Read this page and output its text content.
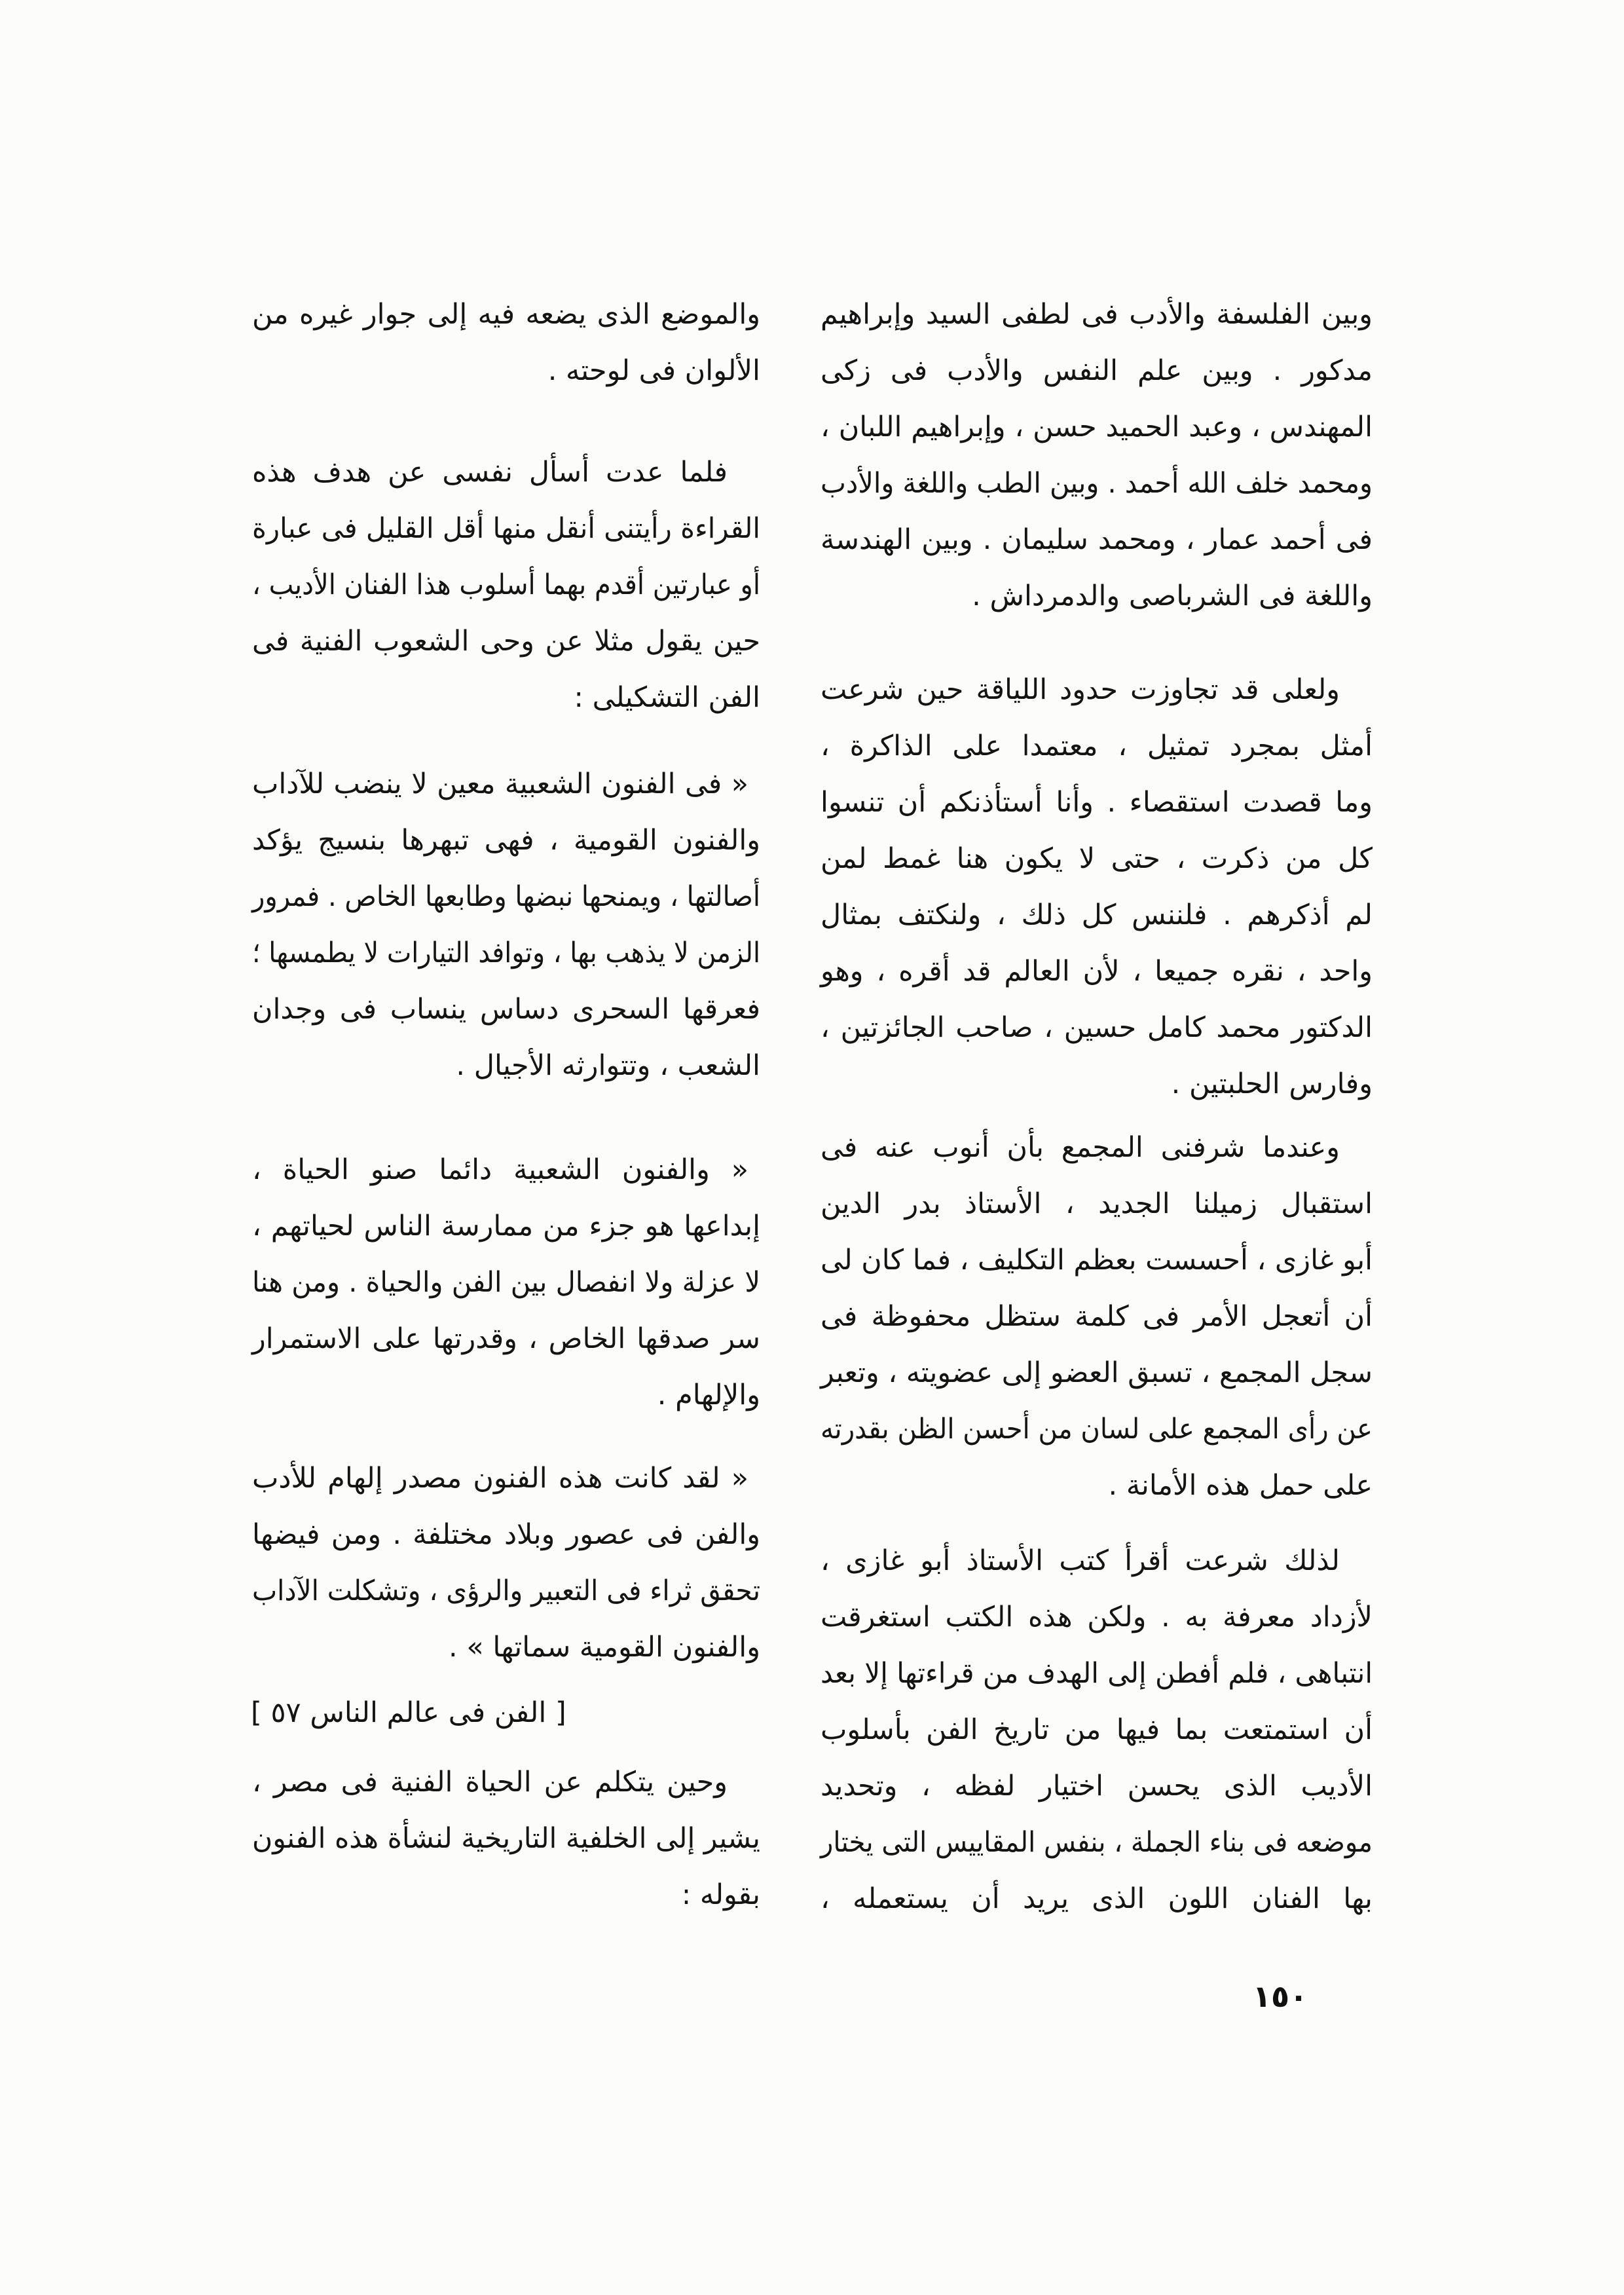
وبين الفلسفة والأدب فى لطفى السيد وإبراهيم
مدكور . وبين علم النفس والأدب فى زكى
المهندس ، وعبد الحميد حسن ، وإبراهيم اللبان ،
ومحمد خلف الله أحمد . وبين الطب واللغة والأدب
فى أحمد عمار ، ومحمد سليمان . وبين الهندسة
واللغة فى الشرباصى والدمرداش .
ولعلى قد تجاوزت حدود اللياقة حين شرعت
أمثل بمجرد تمثيل ، معتمدا على الذاكرة ،
وما قصدت استقصاء . وأنا أستأذنكم أن تنسوا
كل من ذكرت ، حتى لا يكون هنا غمط لمن
لم أذكرهم . فلننس كل ذلك ، ولنكتف بمثال
واحد ، نقره جميعا ، لأن العالم قد أقره ، وهو
الدكتور محمد كامل حسين ، صاحب الجائزتين ،
وفارس الحلبتين .
وعندما شرفنى المجمع بأن أنوب عنه فى
استقبال زميلنا الجديد ، الأستاذ بدر الدين
أبو غازى ، أحسست بعظم التكليف ، فما كان لى
أن أتعجل الأمر فى كلمة ستظل محفوظة فى
سجل المجمع ، تسبق العضو إلى عضويته ، وتعبر
عن رأى المجمع على لسان من أحسن الظن بقدرته
على حمل هذه الأمانة .
لذلك شرعت أقرأ كتب الأستاذ أبو غازى ،
لأزداد معرفة به . ولكن هذه الكتب استغرقت
انتباهى ، فلم أفطن إلى الهدف من قراءتها إلا بعد
أن استمتعت بما فيها من تاريخ الفن بأسلوب
الأديب الذى يحسن اختيار لفظه ، وتحديد
موضعه فى بناء الجملة ، بنفس المقاييس التى يختار
بها الفنان اللون الذى يريد أن يستعمله ،
والموضع الذى يضعه فيه إلى جوار غيره من
الألوان فى لوحته .
فلما عدت أسأل نفسى عن هدف هذه
القراءة رأيتنى أنقل منها أقل القليل فى عبارة
أو عبارتين أقدم بهما أسلوب هذا الفنان الأديب ،
حين يقول مثلا عن وحى الشعوب الفنية فى
الفن التشكيلى :
« فى الفنون الشعبية معين لا ينضب للآداب
والفنون القومية ، فهى تبهرها بنسيج يؤكد
أصالتها ، ويمنحها نبضها وطابعها الخاص . فمرور
الزمن لا يذهب بها ، وتوافد التيارات لا يطمسها ؛
فعرقها السحرى دساس ينساب فى وجدان
الشعب ، وتتوارثه الأجيال .
« والفنون الشعبية دائما صنو الحياة ،
إبداعها هو جزء من ممارسة الناس لحياتهم ،
لا عزلة ولا انفصال بين الفن والحياة . ومن هنا
سر صدقها الخاص ، وقدرتها على الاستمرار
والإلهام .
« لقد كانت هذه الفنون مصدر إلهام للأدب
والفن فى عصور وبلاد مختلفة . ومن فيضها
تحقق ثراء فى التعبير والرؤى ، وتشكلت الآداب
والفنون القومية سماتها » .
[ الفن فى عالم الناس ٥٧ ]
وحين يتكلم عن الحياة الفنية فى مصر ،
يشير إلى الخلفية التاريخية لنشأة هذه الفنون
بقوله :
١٥٠
